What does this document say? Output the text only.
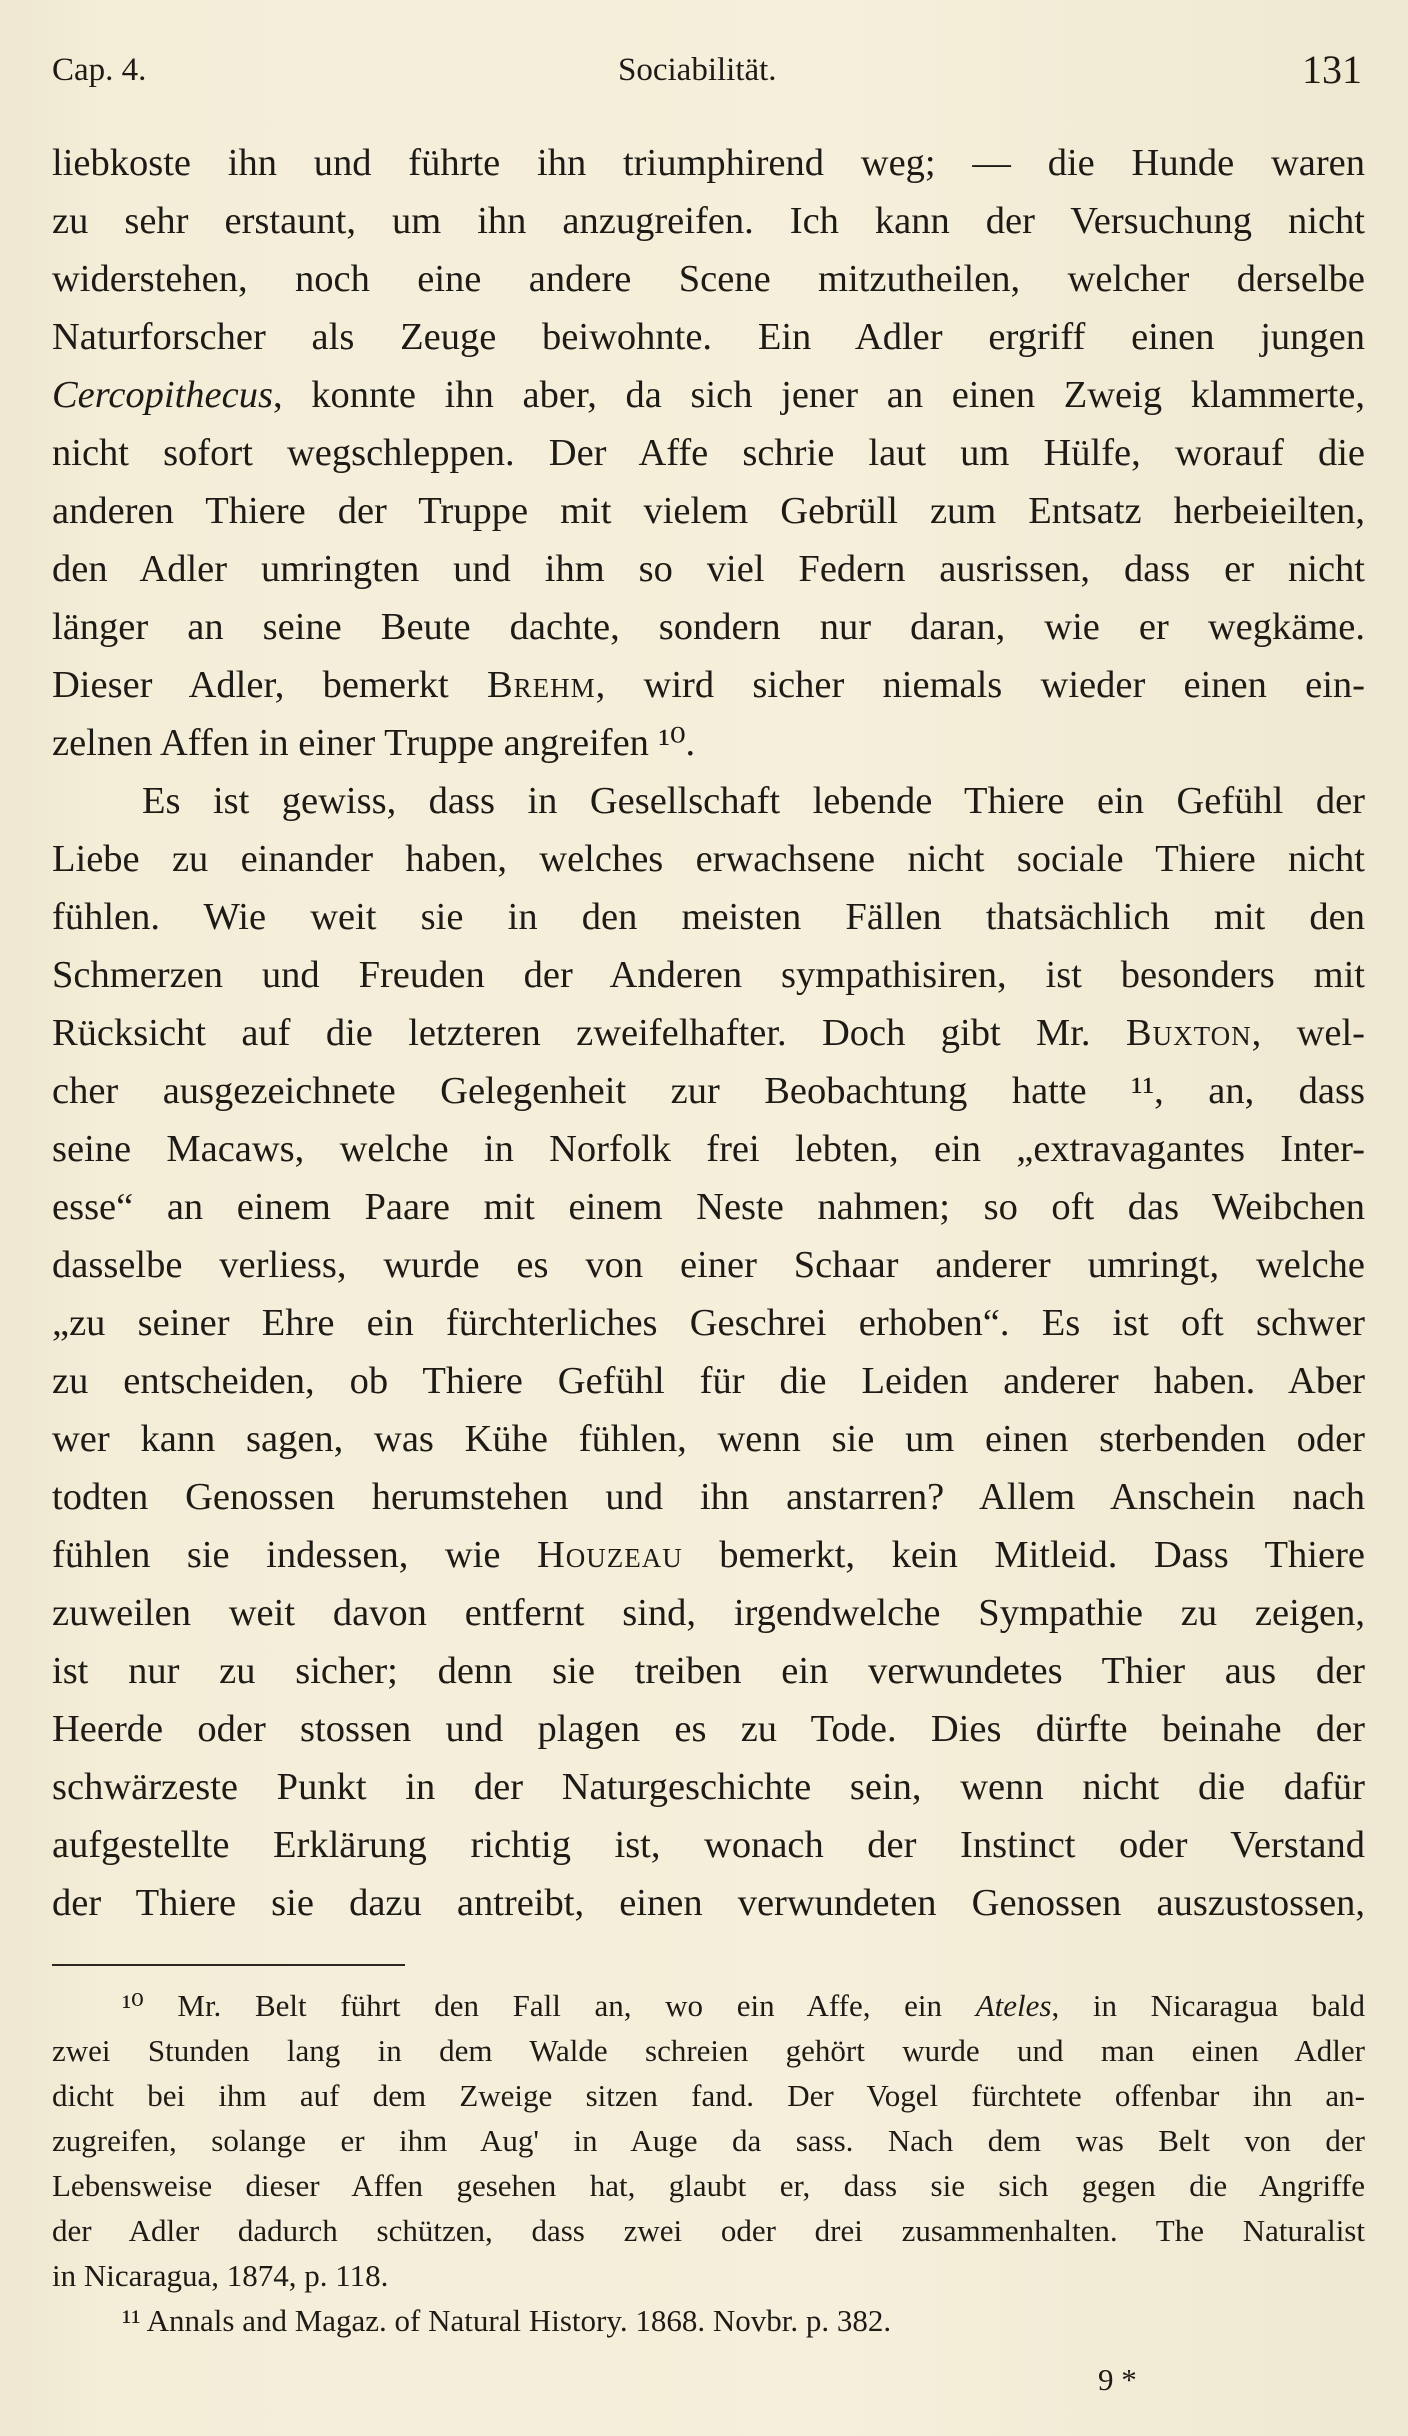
Cap. 4.	Sociabilität.	131
liebkoste ihn und führte ihn triumphirend weg; — die Hunde waren
zu sehr erstaunt, um ihn anzugreifen. Ich kann der Versuchung nicht
widerstehen, noch eine andere Scene mitzutheilen, welcher derselbe
Naturforscher als Zeuge beiwohnte. Ein Adler ergriff einen jungen
Cercopithecus, konnte ihn aber, da sich jener an einen Zweig klammerte,
nicht sofort wegschleppen. Der Affe schrie laut um Hülfe, worauf die
anderen Thiere der Truppe mit vielem Gebrüll zum Entsatz herbeieilten,
den Adler umringten und ihm so viel Federn ausrissen, dass er nicht
länger an seine Beute dachte, sondern nur daran, wie er wegkäme.
Dieser Adler, bemerkt Brehm, wird sicher niemals wieder einen ein-
zelnen Affen in einer Truppe angreifen ¹⁰.
Es ist gewiss, dass in Gesellschaft lebende Thiere ein Gefühl der
Liebe zu einander haben, welches erwachsene nicht sociale Thiere nicht
fühlen. Wie weit sie in den meisten Fällen thatsächlich mit den
Schmerzen und Freuden der Anderen sympathisiren, ist besonders mit
Rücksicht auf die letzteren zweifelhafter. Doch gibt Mr. Buxton, wel-
cher ausgezeichnete Gelegenheit zur Beobachtung hatte ¹¹, an, dass
seine Macaws, welche in Norfolk frei lebten, ein „extravagantes Inter-
esse“ an einem Paare mit einem Neste nahmen; so oft das Weibchen
dasselbe verliess, wurde es von einer Schaar anderer umringt, welche
„zu seiner Ehre ein fürchterliches Geschrei erhoben“. Es ist oft schwer
zu entscheiden, ob Thiere Gefühl für die Leiden anderer haben. Aber
wer kann sagen, was Kühe fühlen, wenn sie um einen sterbenden oder
todten Genossen herumstehen und ihn anstarren? Allem Anschein nach
fühlen sie indessen, wie Houzeau bemerkt, kein Mitleid. Dass Thiere
zuweilen weit davon entfernt sind, irgendwelche Sympathie zu zeigen,
ist nur zu sicher; denn sie treiben ein verwundetes Thier aus der
Heerde oder stossen und plagen es zu Tode. Dies dürfte beinahe der
schwärzeste Punkt in der Naturgeschichte sein, wenn nicht die dafür
aufgestellte Erklärung richtig ist, wonach der Instinct oder Verstand
der Thiere sie dazu antreibt, einen verwundeten Genossen auszustossen,
¹⁰ Mr. Belt führt den Fall an, wo ein Affe, ein Ateles, in Nicaragua bald
zwei Stunden lang in dem Walde schreien gehört wurde und man einen Adler
dicht bei ihm auf dem Zweige sitzen fand. Der Vogel fürchtete offenbar ihn an-
zugreifen, solange er ihm Aug' in Auge da sass. Nach dem was Belt von der
Lebensweise dieser Affen gesehen hat, glaubt er, dass sie sich gegen die Angriffe
der Adler dadurch schützen, dass zwei oder drei zusammenhalten. The Naturalist
in Nicaragua, 1874, p. 118.
¹¹ Annals and Magaz. of Natural History. 1868. Novbr. p. 382.
9 *
